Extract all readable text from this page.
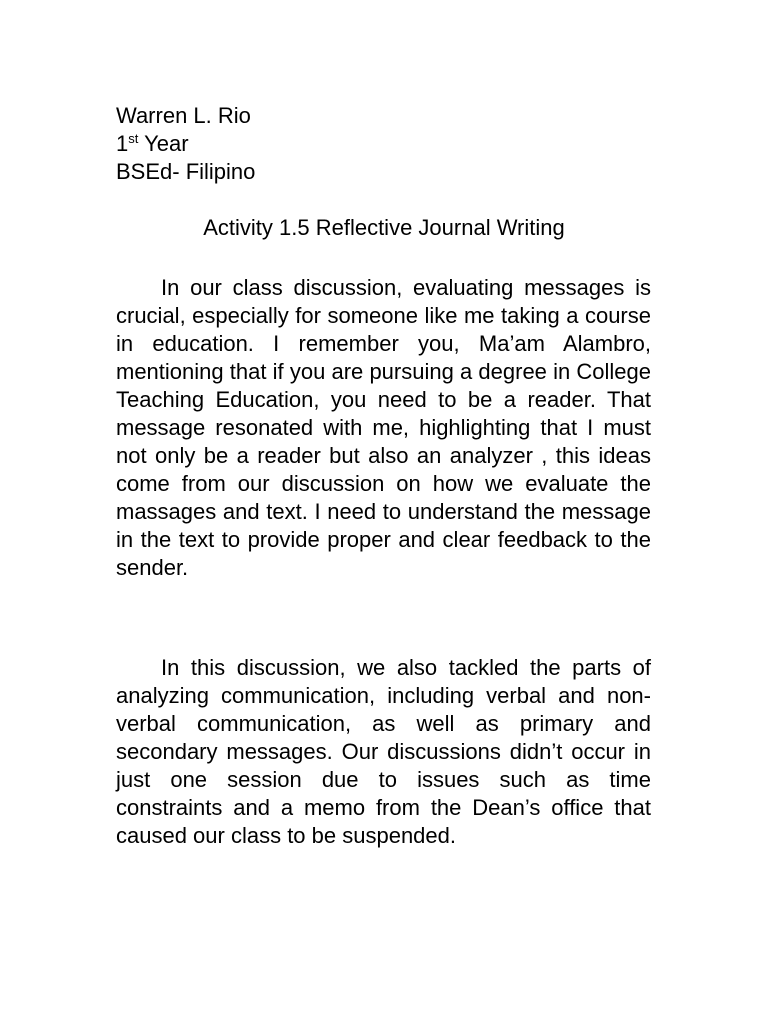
Warren L. Rio
1st Year
BSEd- Filipino
Activity 1.5 Reflective Journal Writing

In our class discussion, evaluating messages is crucial, especially for someone like me taking a course in education. I remember you, Ma’am Alambro, mentioning that if you are pursuing a degree in College Teaching Education, you need to be a reader. That message resonated with me, highlighting that I must not only be a reader but also an analyzer , this ideas come from our discussion on how we evaluate the massages and text. I need to understand the message in the text to provide proper and clear feedback to the sender.

In this discussion, we also tackled the parts of analyzing communication, including verbal and non-verbal communication, as well as primary and secondary messages. Our discussions didn’t occur in just one session due to issues such as time constraints and a memo from the Dean’s office that caused our class to be suspended.
